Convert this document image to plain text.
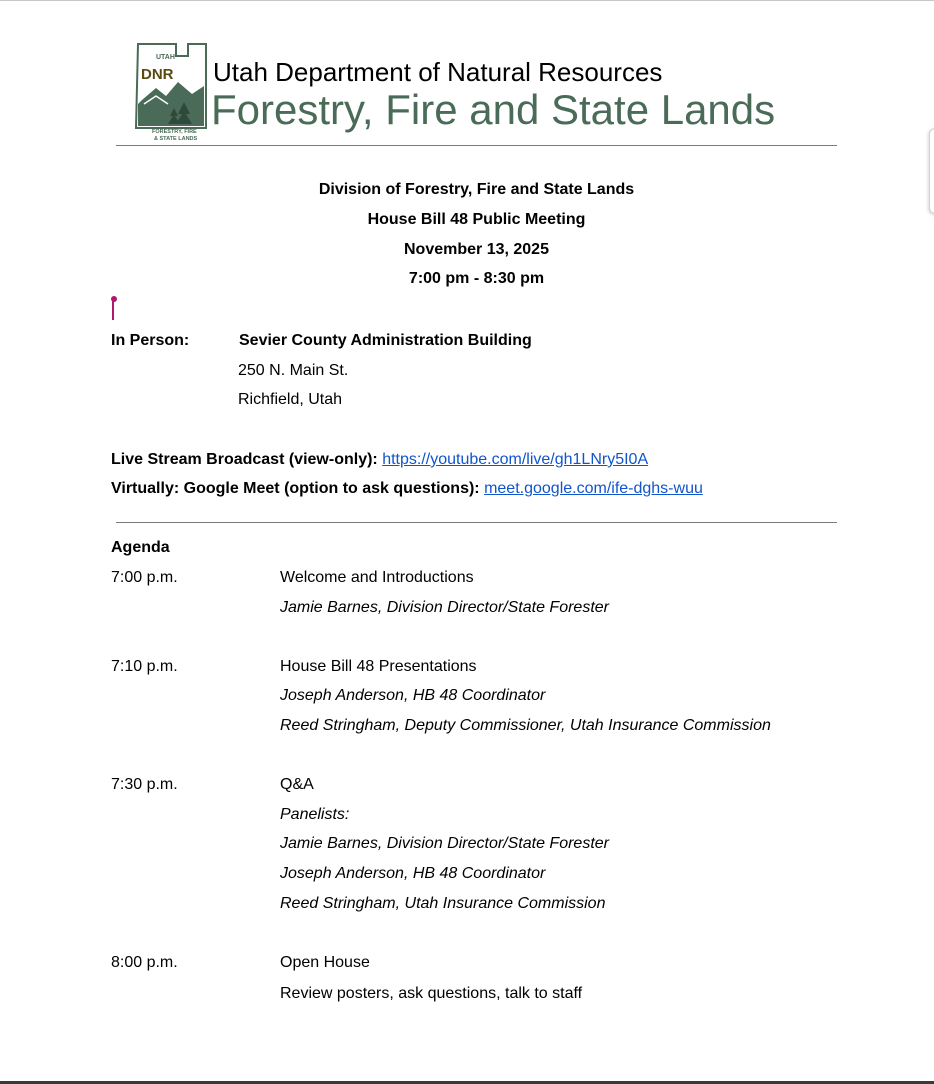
UTAH
DNR
FORESTRY, FIRE
& STATE LANDS
Utah Department of Natural Resources
Forestry, Fire and State Lands
Division of Forestry, Fire and State Lands
House Bill 48 Public Meeting
November 13, 2025
7:00 pm - 8:30 pm
In Person:	Sevier County Administration Building
250 N. Main St.
Richfield, Utah
Live Stream Broadcast (view-only): https://youtube.com/live/gh1LNry5I0A
Virtually: Google Meet (option to ask questions): meet.google.com/ife-dghs-wuu
Agenda
7:00 p.m.	Welcome and Introductions
Jamie Barnes, Division Director/State Forester
7:10 p.m.	House Bill 48 Presentations
Joseph Anderson, HB 48 Coordinator
Reed Stringham, Deputy Commissioner, Utah Insurance Commission
7:30 p.m.	Q&A
Panelists:
Jamie Barnes, Division Director/State Forester
Joseph Anderson, HB 48 Coordinator
Reed Stringham, Utah Insurance Commission
8:00 p.m.	Open House
Review posters, ask questions, talk to staff
